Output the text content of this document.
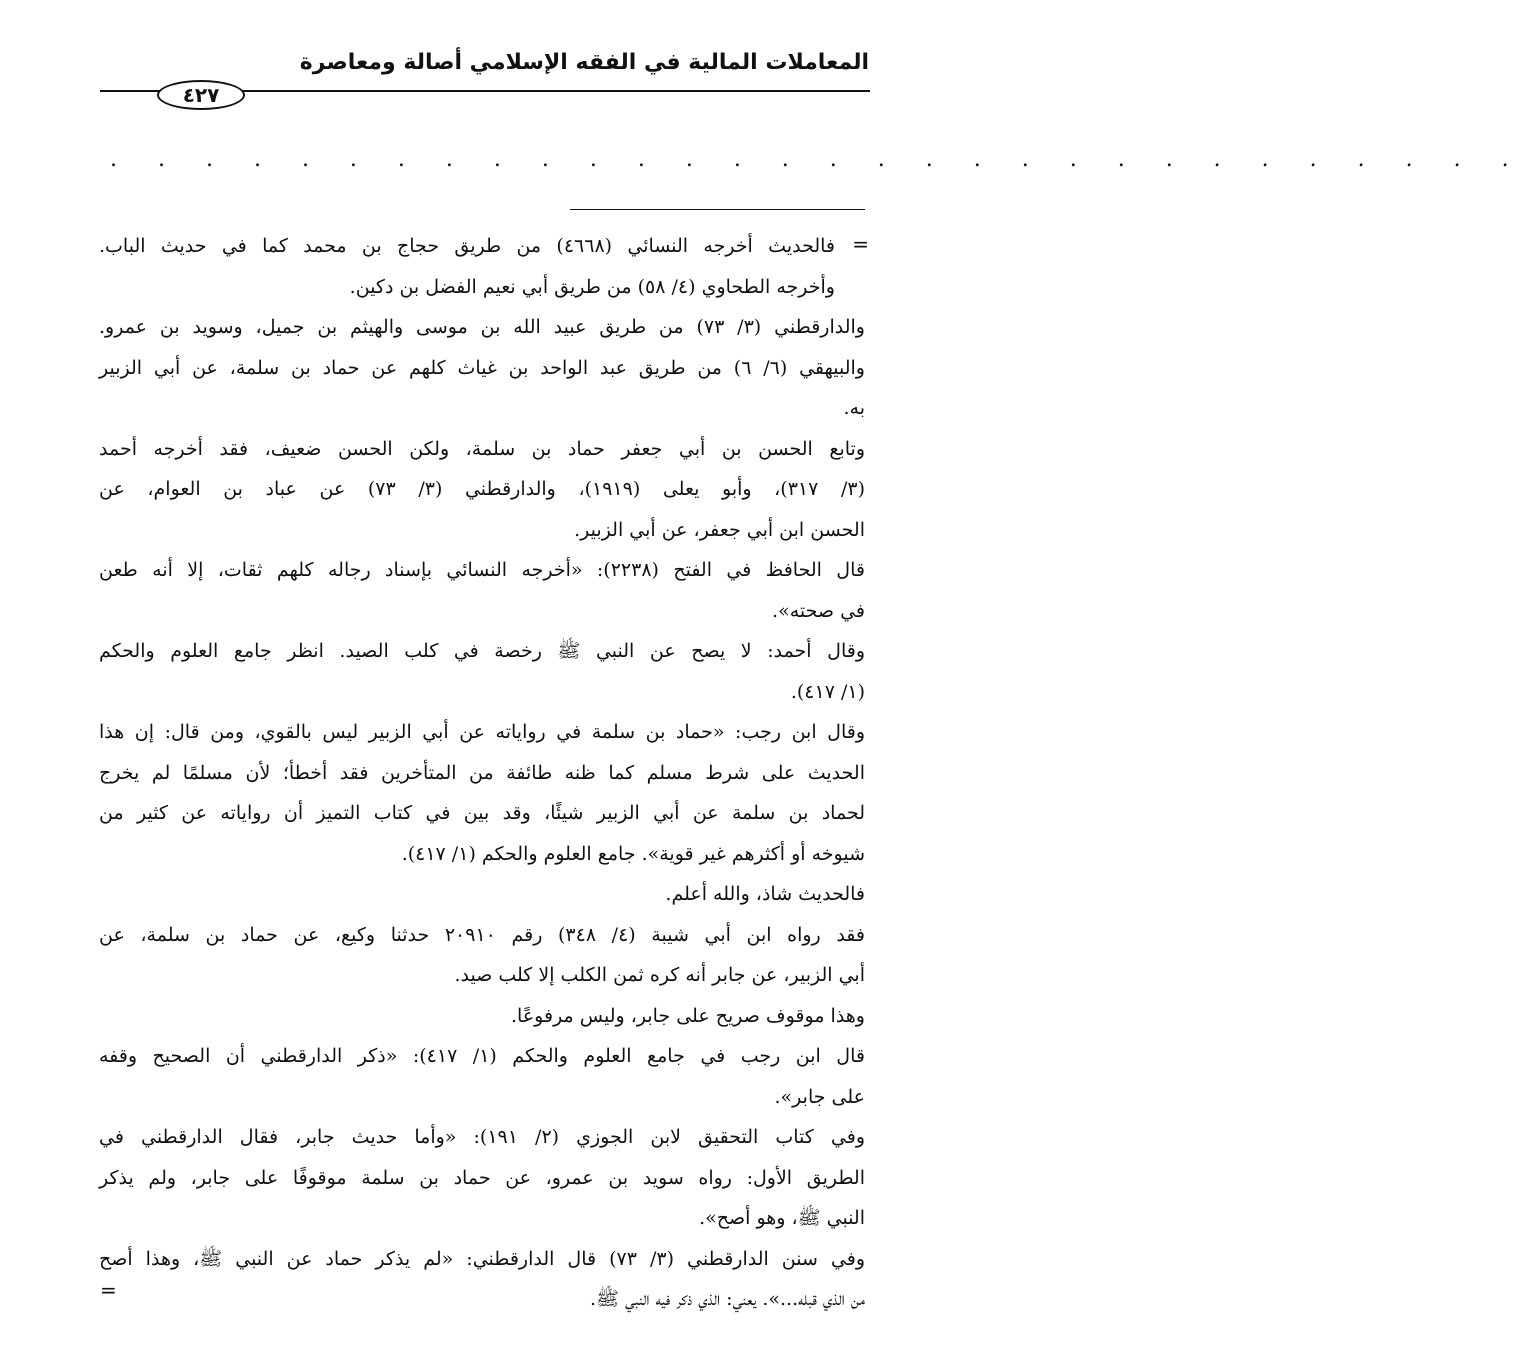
المعاملات المالية في الفقه الإسلامي أصالة ومعاصرة
٤٢٧
. . . . . . . . . . . . . . . . . . . . . . . . . . . . . .
=
فالحديث أخرجه النسائي (٤٦٦٨) من طريق حجاج بن محمد كما في حديث الباب.
وأخرجه الطحاوي (٤/ ٥٨) من طريق أبي نعيم الفضل بن دكين.
والدارقطني (٣/ ٧٣) من طريق عبيد الله بن موسى والهيثم بن جميل، وسويد بن عمرو.
والبيهقي (٦/ ٦) من طريق عبد الواحد بن غياث كلهم عن حماد بن سلمة، عن أبي الزبير
به.
وتابع الحسن بن أبي جعفر حماد بن سلمة، ولكن الحسن ضعيف، فقد أخرجه أحمد
(٣/ ٣١٧)، وأبو يعلى (١٩١٩)، والدارقطني (٣/ ٧٣) عن عباد بن العوام، عن
الحسن ابن أبي جعفر، عن أبي الزبير.
قال الحافظ في الفتح (٢٢٣٨): «أخرجه النسائي بإسناد رجاله كلهم ثقات، إلا أنه طعن
في صحته».
وقال أحمد: لا يصح عن النبي ﷺ رخصة في كلب الصيد. انظر جامع العلوم والحكم
(١/ ٤١٧).
وقال ابن رجب: «حماد بن سلمة في رواياته عن أبي الزبير ليس بالقوي، ومن قال: إن هذا
الحديث على شرط مسلم كما ظنه طائفة من المتأخرين فقد أخطأ؛ لأن مسلمًا لم يخرج
لحماد بن سلمة عن أبي الزبير شيئًا، وقد بين في كتاب التميز أن رواياته عن كثير من
شيوخه أو أكثرهم غير قوية». جامع العلوم والحكم (١/ ٤١٧).
فالحديث شاذ، والله أعلم.
فقد رواه ابن أبي شيبة (٤/ ٣٤٨) رقم ٢٠٩١٠ حدثنا وكيع، عن حماد بن سلمة، عن
أبي الزبير، عن جابر أنه كره ثمن الكلب إلا كلب صيد.
وهذا موقوف صريح على جابر، وليس مرفوعًا.
قال ابن رجب في جامع العلوم والحكم (١/ ٤١٧): «ذكر الدارقطني أن الصحيح وقفه
على جابر».
وفي كتاب التحقيق لابن الجوزي (٢/ ١٩١): «وأما حديث جابر، فقال الدارقطني في
الطريق الأول: رواه سويد بن عمرو، عن حماد بن سلمة موقوفًا على جابر، ولم يذكر
النبي ﷺ، وهو أصح».
وفي سنن الدارقطني (٣/ ٧٣) قال الدارقطني: «لم يذكر حماد عن النبي ﷺ، وهذا أصح
من الذي قبله...». يعني: الذي ذكر فيه النبي ﷺ.
=
